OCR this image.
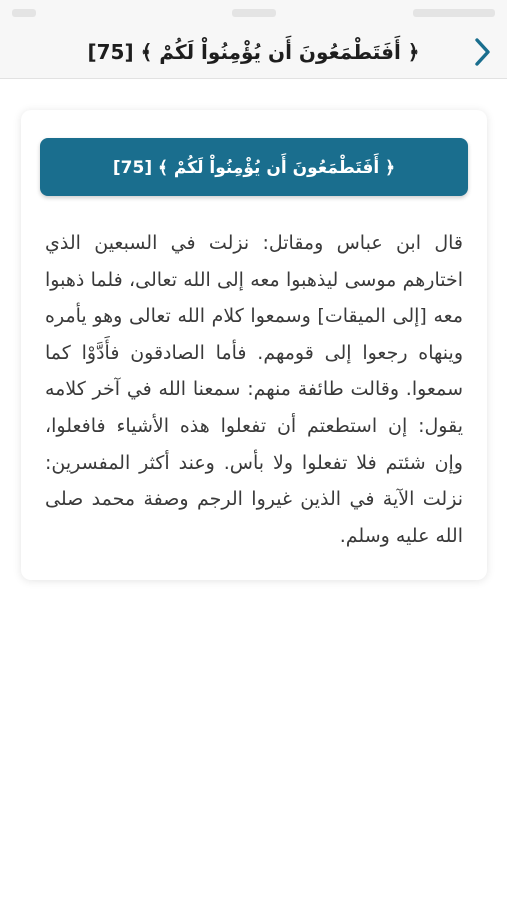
﴿ أَفَتَطْمَعُونَ أَن يُؤْمِنُواْ لَكُمْ ﴾ [75]
﴿ أَفَتَطْمَعُونَ أَن يُؤْمِنُواْ لَكُمْ ﴾ [75]

قال ابن عباس ومقاتل: نزلت في السبعين الذي اختارهم موسى ليذهبوا معه إلى الله تعالى، فلما ذهبوا معه [إلى الميقات] وسمعوا كلام الله تعالى وهو يأمره وينهاه رجعوا إلى قومهم. فأما الصادقون فأَدَّوْا كما سمعوا. وقالت طائفة منهم: سمعنا الله في آخر كلامه يقول: إن استطعتم أن تفعلوا هذه الأشياء فافعلوا، وإن شئتم فلا تفعلوا ولا بأس. وعند أكثر المفسرين: نزلت الآية في الذين غيروا الرجم وصفة محمد صلى الله عليه وسلم.
